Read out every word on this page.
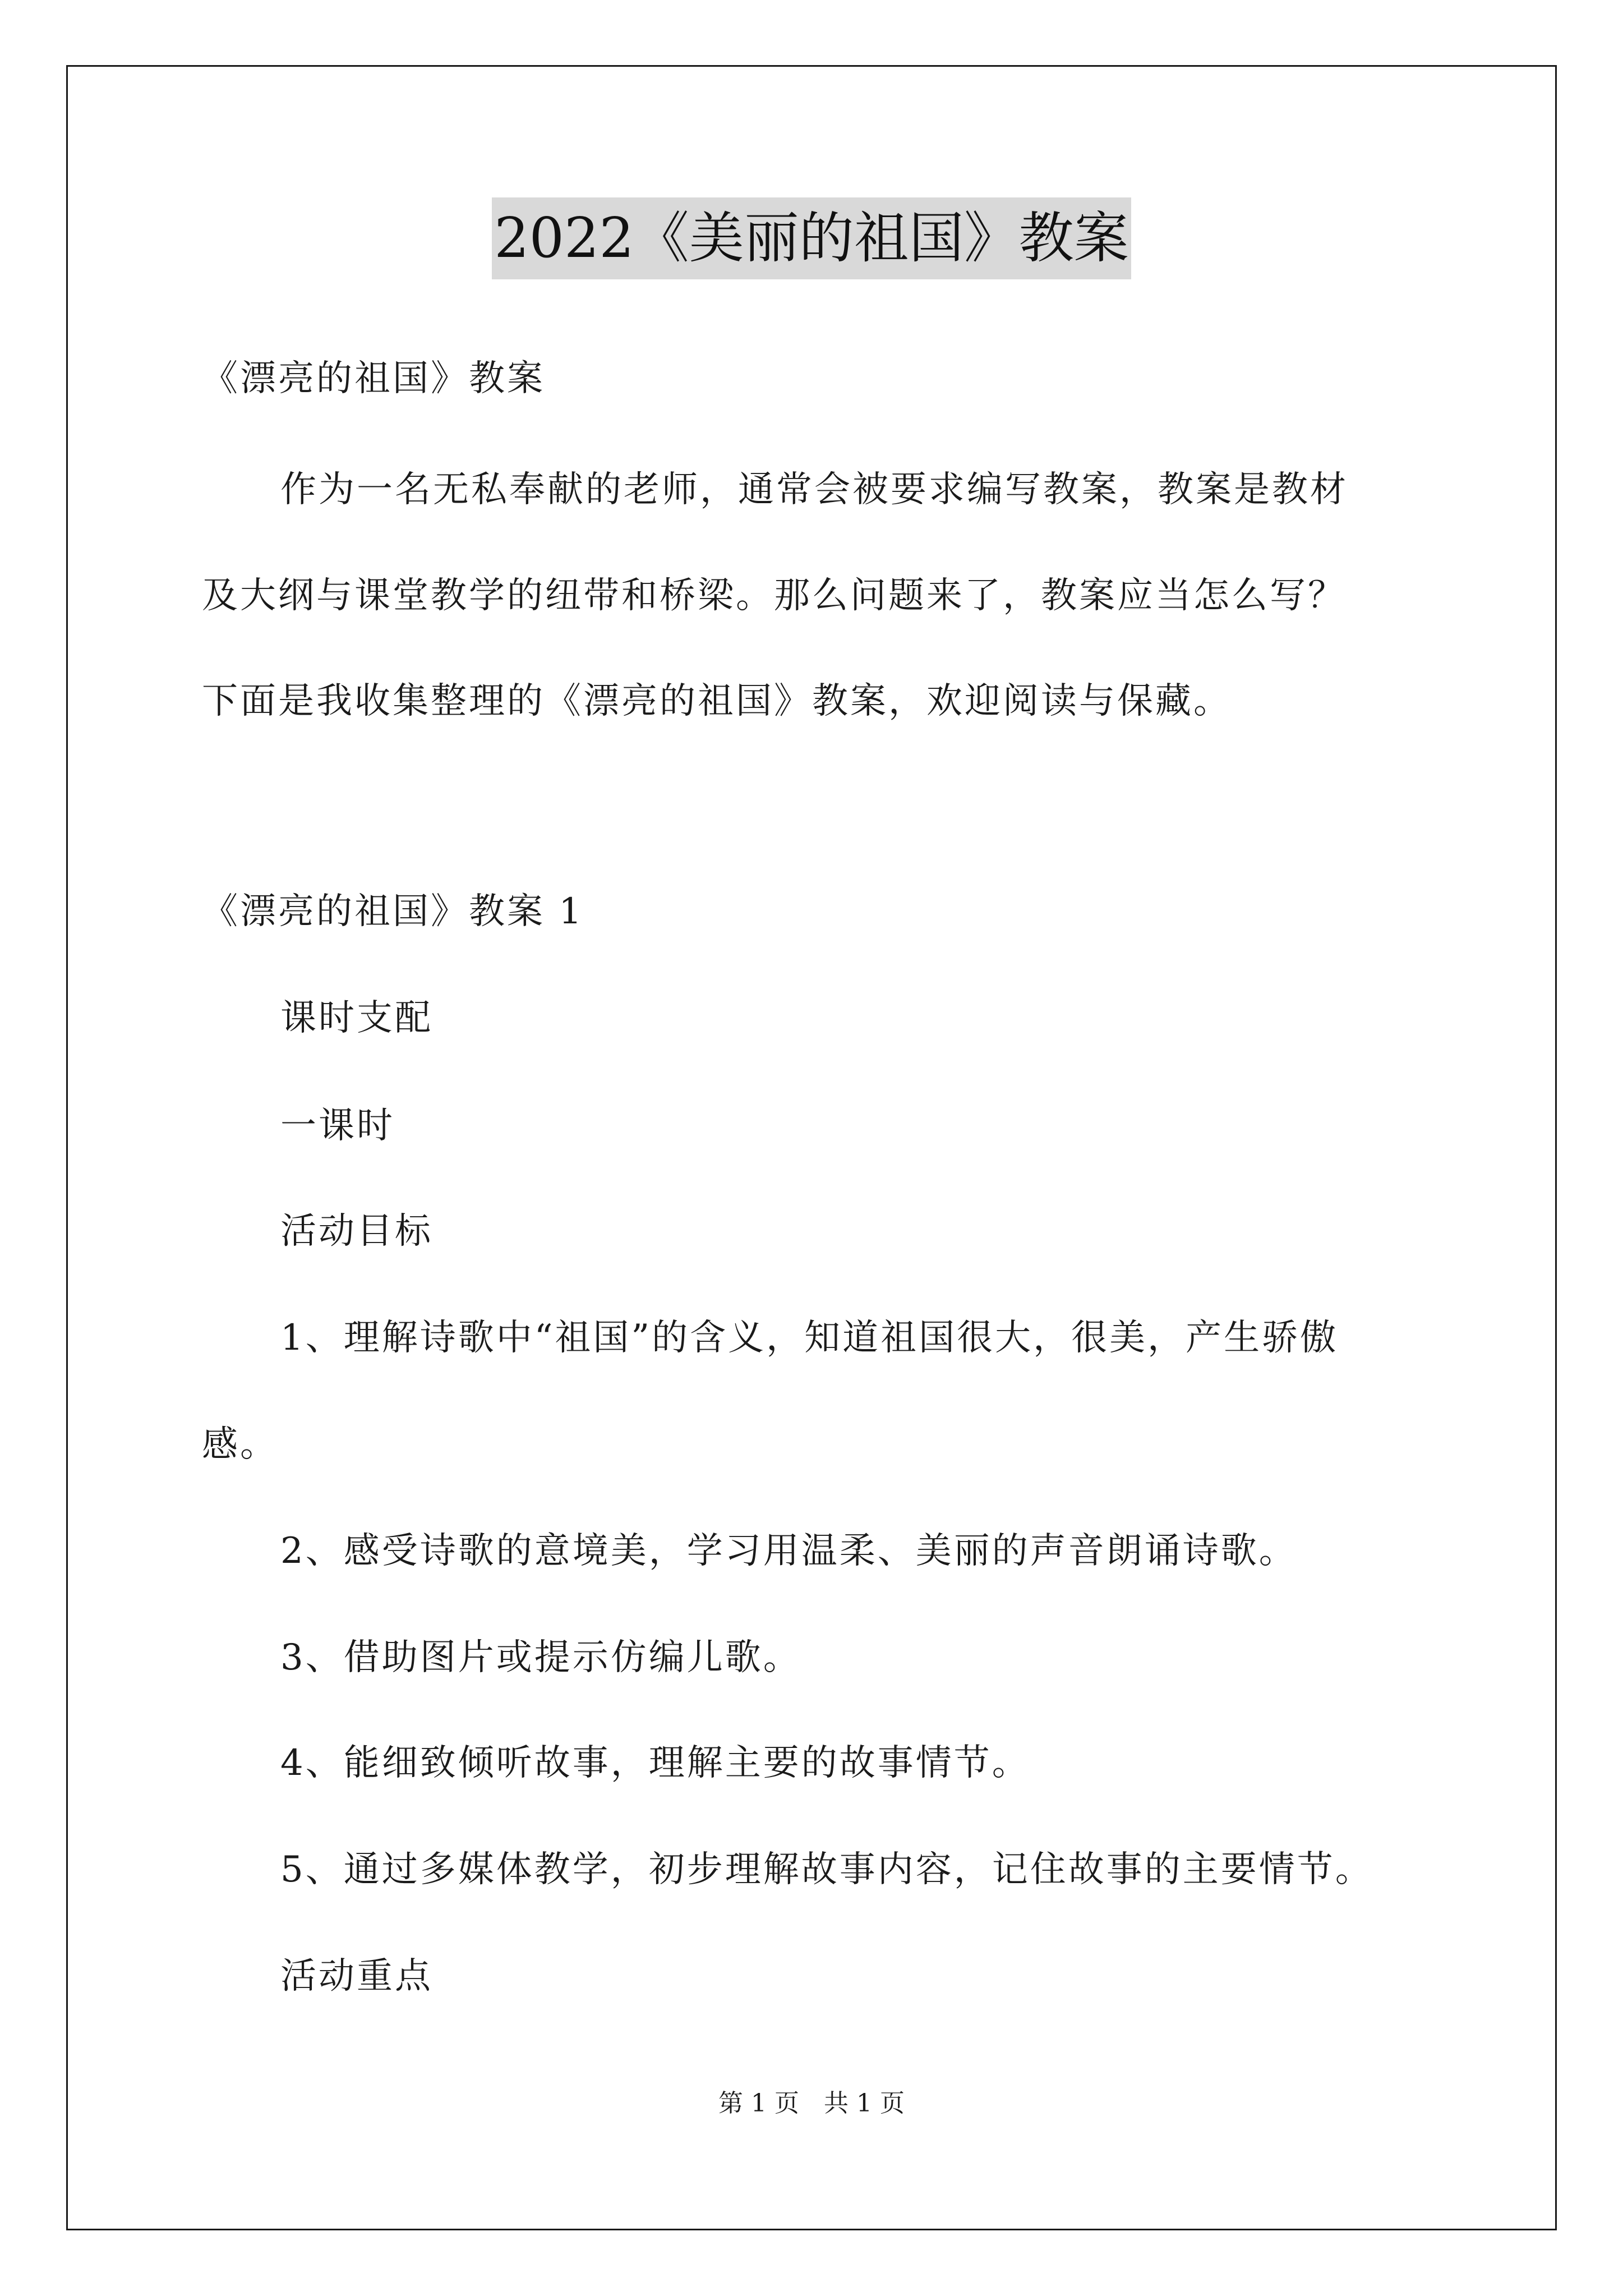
2022《美丽的祖国》教案
《漂亮的祖国》教案
作为一名无私奉献的老师，通常会被要求编写教案，教案是教材
及大纲与课堂教学的纽带和桥梁。那么问题来了，教案应当怎么写？
下面是我收集整理的《漂亮的祖国》教案，欢迎阅读与保藏。
《漂亮的祖国》教案 1
课时支配
一课时
活动目标
1、理解诗歌中“祖国”的含义，知道祖国很大，很美，产生骄傲
感。
2、感受诗歌的意境美，学习用温柔、美丽的声音朗诵诗歌。
3、借助图片或提示仿编儿歌。
4、能细致倾听故事，理解主要的故事情节。
5、通过多媒体教学，初步理解故事内容，记住故事的主要情节。
活动重点
第 1 页　共 1 页
